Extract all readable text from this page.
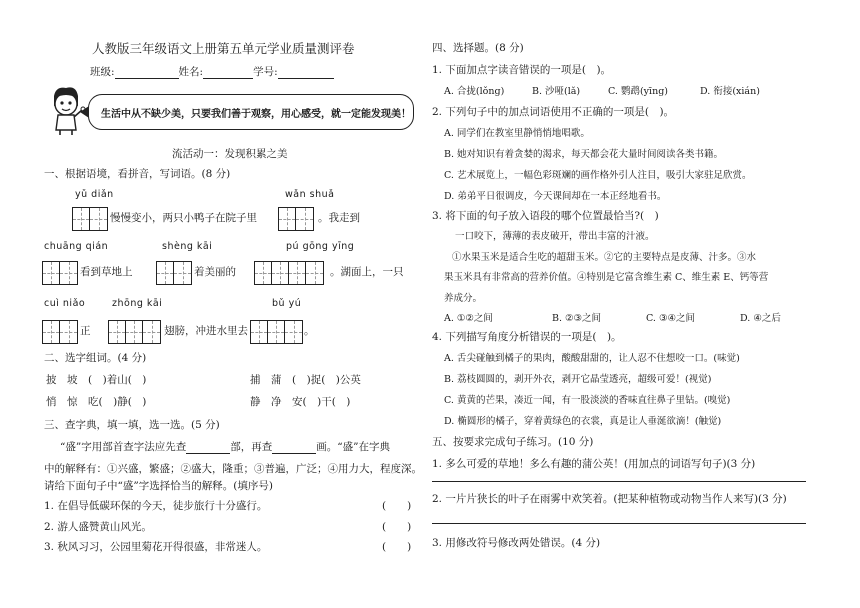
人教版三年级语文上册第五单元学业质量测评卷
班级:	姓名:	学号:
生活中从不缺少美，只要我们善于观察，用心感受，就一定能发现美！
流活动一：发现积累之美
一、根据语境，看拼音，写词语。(8 分)
yǔ diǎn	wǎn shuǎ
慢慢变小，两只小鸭子在院子里	。我走到
chuāng qián	shèng kāi	pú gōng yīng
看到草地上	着美丽的	。湖面上，一只
cuì niǎo	zhōng kāi	bǔ yú
正	翅膀，冲进水里去	。
二、选字组词。(4 分)
披　坡　(　)着山(　)	捕　蒲　(　)捉(　)公英
悄　惊　吃(　)静(　)	静　净　安(　)干(　)
三、查字典，填一填，选一选。(5 分)
“盛”字用部首查字法应先查	部，再查	画。“盛”在字典
中的解释有：①兴盛，繁盛；②盛大，隆重；③普遍，广泛；④用力大，程度深。
请给下面句子中“盛”字选择恰当的解释。(填序号)
1. 在倡导低碳环保的今天，徒步旅行十分盛行。	(　　)
2. 游人盛赞黄山风光。	(　　)
3. 秋风习习，公园里菊花开得很盛，非常迷人。	(　　)
四、选择题。(8 分)
1. 下面加点字读音错误的一项是(　)。
A. 合拢(lǒng)	B. 沙哑(lǎ)	C. 鹦鹉(yīng)	D. 衔接(xián)
2. 下列句子中的加点词语使用不正确的一项是(　)。
A. 同学们在教室里静悄悄地唱歌。
B. 她对知识有着贪婪的渴求，每天都会花大量时间阅读各类书籍。
C. 艺术展览上，一幅色彩斑斓的画作格外引人注目，吸引大家驻足欣赏。
D. 弟弟平日很调皮，今天课间却在一本正经地看书。
3. 将下面的句子放入语段的哪个位置最恰当?(　)
一口咬下，薄薄的表皮破开，带出丰富的汁液。
①水果玉米是适合生吃的超甜玉米。②它的主要特点是皮薄、汁多。③水
果玉米具有非常高的营养价值。④特别是它富含维生素 C、维生素 E、钙等营
养成分。
A. ①②之间	B. ②③之间	C. ③④之间	D. ④之后
4. 下列描写角度分析错误的一项是(　)。
A. 舌尖碰触到橘子的果肉，酸酸甜甜的，让人忍不住想咬一口。(味觉)
B. 荔枝圆圆的，剥开外衣，剥开它晶莹透亮，超级可爱！(视觉)
C. 黄黄的芒果，凑近一闻，有一股淡淡的香味直往鼻子里钻。(嗅觉)
D. 椭圆形的橘子，穿着黄绿色的衣裳，真是让人垂涎欲滴！(触觉)
五、按要求完成句子练习。(10 分)
1. 多么可爱的草地！多么有趣的蒲公英！(用加点的词语写句子)(3 分)
2. 一片片狭长的叶子在雨雾中欢笑着。(把某种植物或动物当作人来写)(3 分)
3. 用修改符号修改两处错误。(4 分)
